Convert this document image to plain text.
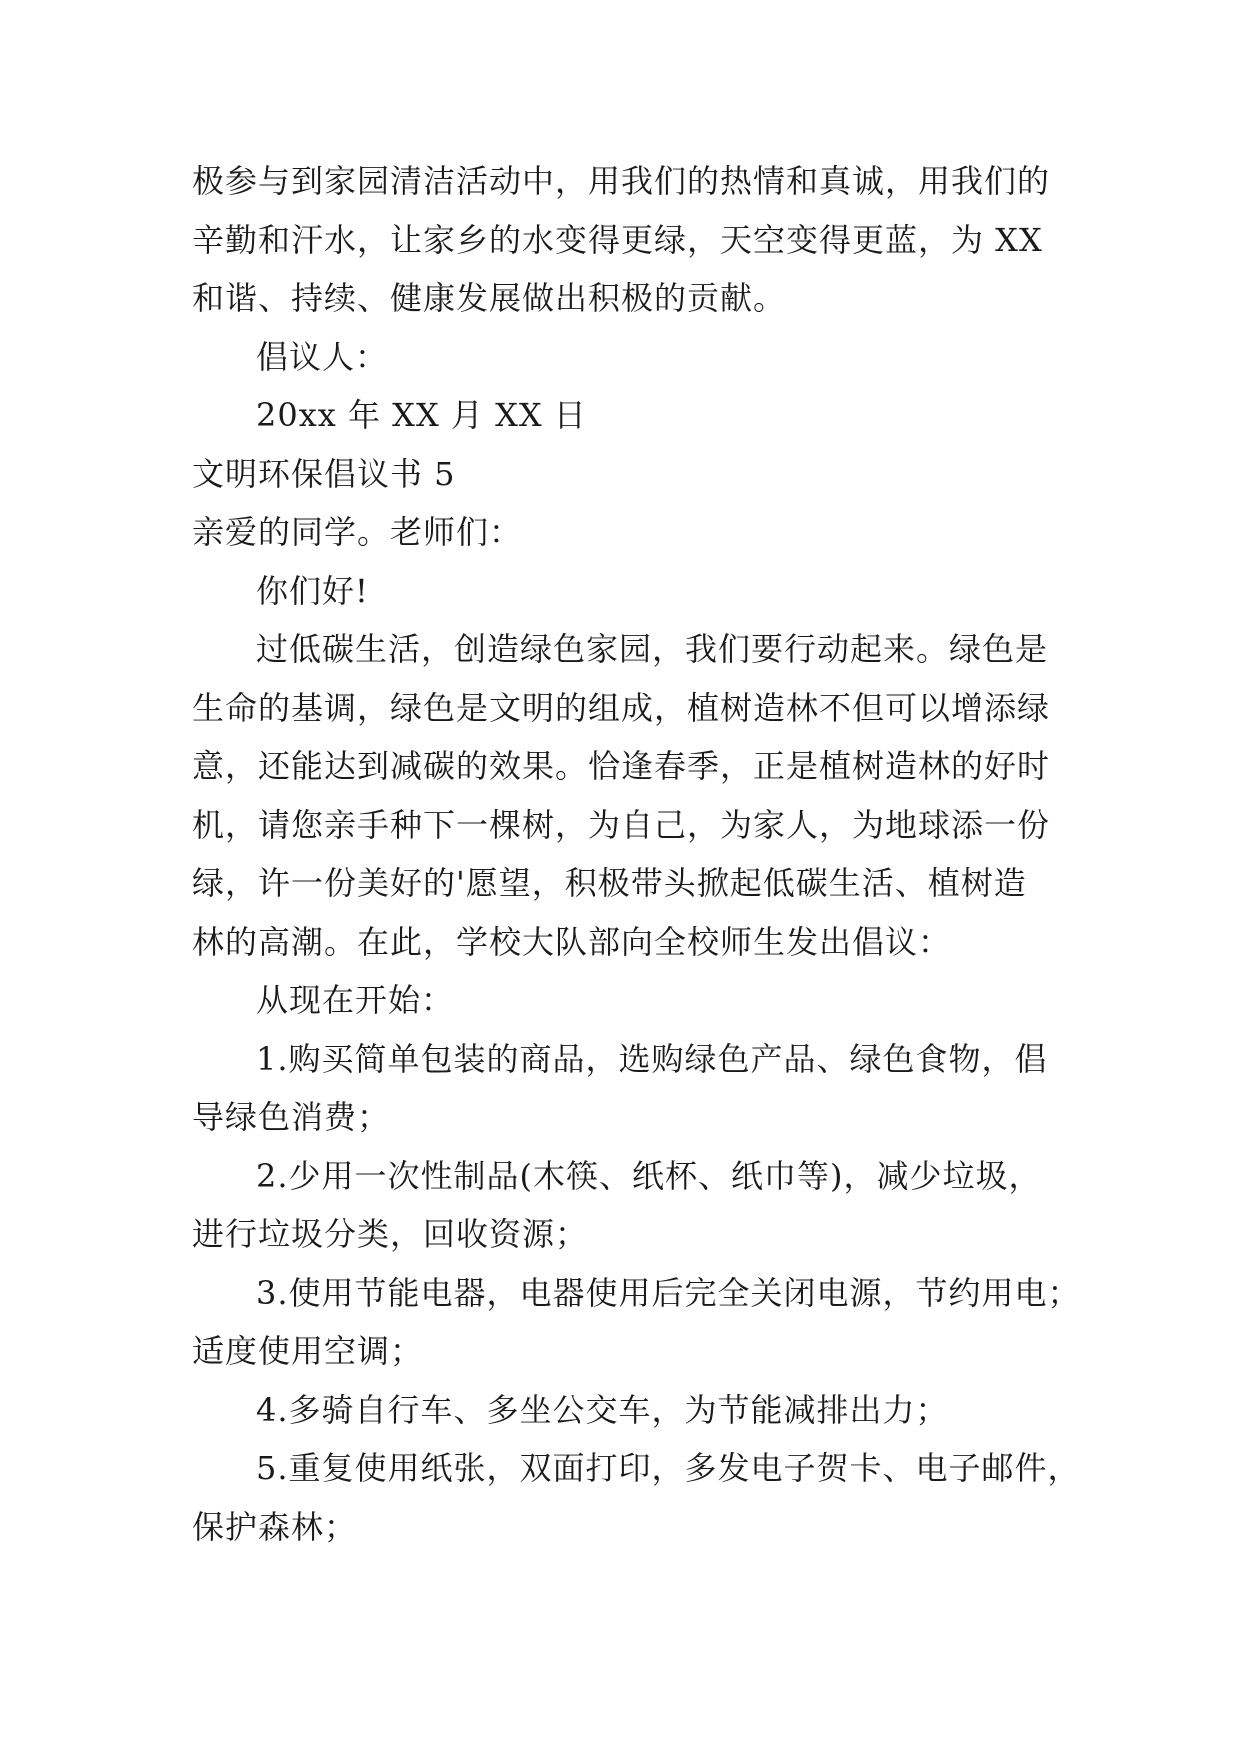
极参与到家园清洁活动中，用我们的热情和真诚，用我们的
辛勤和汗水，让家乡的水变得更绿，天空变得更蓝，为 XX
和谐、持续、健康发展做出积极的贡献。
倡议人：
20xx 年 XX 月 XX 日
文明环保倡议书 5
亲爱的同学。老师们：
你们好!
过低碳生活，创造绿色家园，我们要行动起来。绿色是
生命的基调，绿色是文明的组成，植树造林不但可以增添绿
意，还能达到减碳的效果。恰逢春季，正是植树造林的好时
机，请您亲手种下一棵树，为自己，为家人，为地球添一份
绿，许一份美好的'愿望，积极带头掀起低碳生活、植树造
林的高潮。在此，学校大队部向全校师生发出倡议：
从现在开始：
1.购买简单包装的商品，选购绿色产品、绿色食物，倡
导绿色消费；
2.少用一次性制品(木筷、纸杯、纸巾等)，减少垃圾，
进行垃圾分类，回收资源；
3.使用节能电器，电器使用后完全关闭电源，节约用电；
适度使用空调；
4.多骑自行车、多坐公交车，为节能减排出力；
5.重复使用纸张，双面打印，多发电子贺卡、电子邮件，
保护森林；
